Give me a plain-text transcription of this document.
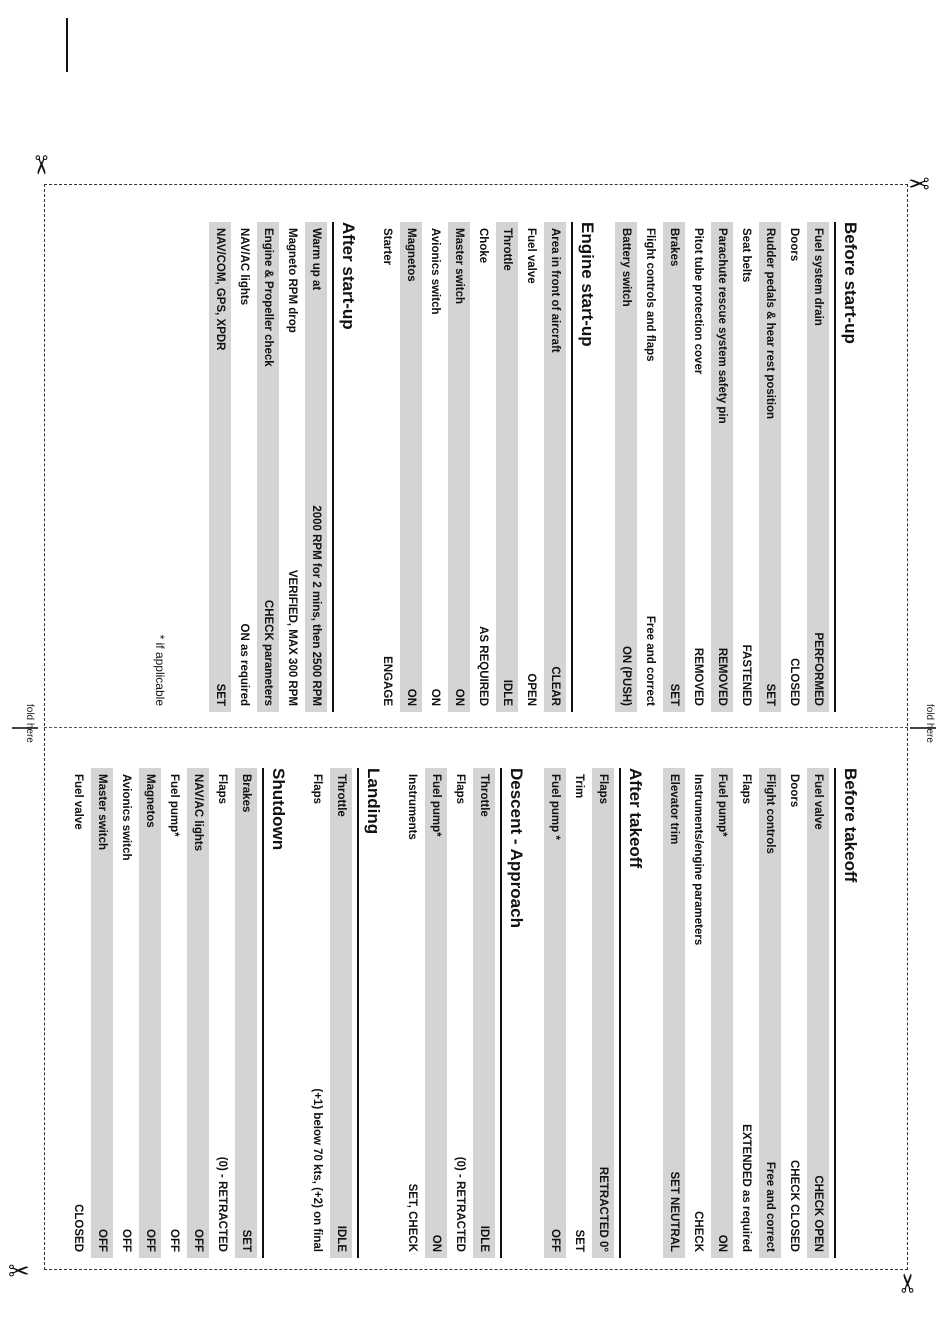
fold here	fold here
✂
✂
✂	✂
Before start-up
Fuel system drain
PERFORMED
Doors
CLOSED
Rudder pedals & hear rest position
SET
Seat belts
FASTENED
Parachute rescue system safety pin
REMOVED
Pitot tube protection cover
REMOVED
Brakes
SET
Flight controls and flaps
Free and correct
Battery switch
ON (PUSH)
Engine start-up
Area in front of aircraft
CLEAR
Fuel valve
OPEN
Throttle
IDLE
Choke
AS REQUIRED
Master switch
ON
Avionics switch
ON
Magnetos
ON
Starter
ENGAGE
After start-up
Warm up at
2000 RPM for 2 mins, then 2500 RPM
Magneto RPM drop
VERIFIED, MAX 300 RPM
Engine & Propeller check
CHECK parameters
NAV/AC lights
ON as required
NAV/COM, GPS, XPDR
SET
* if applicable
Before takeoff
Fuel valve
CHECK OPEN
Doors
CHECK CLOSED
Flight controls
Free and correct
Flaps
EXTENDED as required
Fuel pump*
ON
Instruments/engine parameters
CHECK
Elevator trim
SET NEUTRAL
After takeoff
Flaps
RETRACTED 0°
Trim
SET
Fuel pump *
OFF
Descent - Approach
Throttle
IDLE
Flaps
(0) - RETRACTED
Fuel pump*
ON
Instruments
SET, CHECK
Landing
Throttle
IDLE
Flaps
(+1) below 70 kts, (+2) on final
Shutdown
Brakes
SET
Flaps
(0) - RETRACTED
NAV/AC lights
OFF
Fuel pump*
OFF
Magnetos
OFF
Avionics switch
OFF
Master switch
OFF
Fuel valve
CLOSED
